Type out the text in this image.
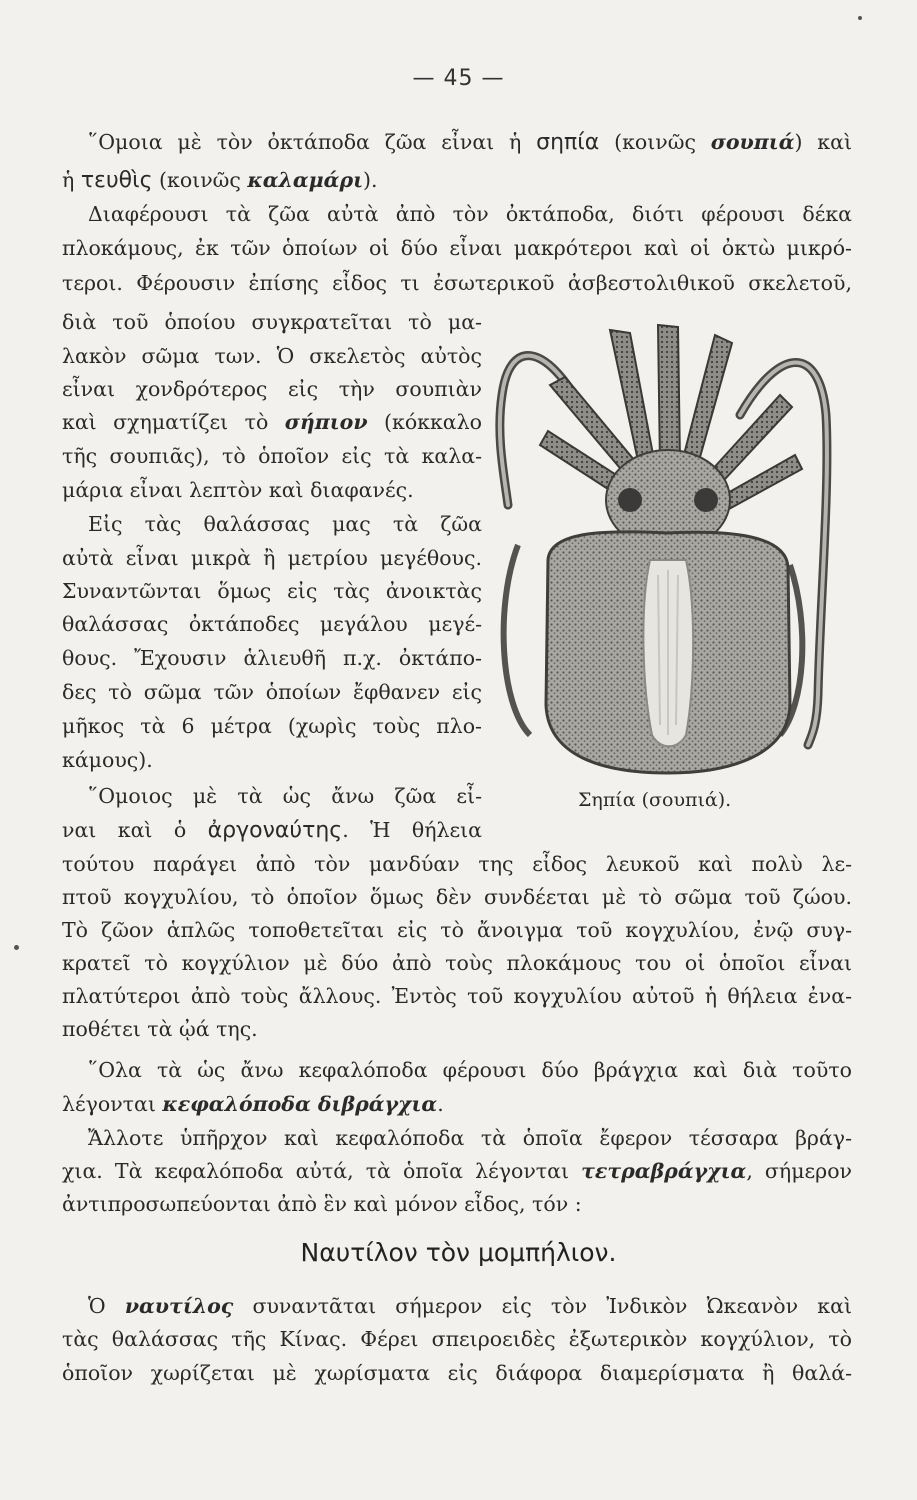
— 45 —
῞Ομοια μὲ τὸν ὀκτάποδα ζῶα εἶναι ἡ σηπία (κοινῶς σουπιά) καὶ
ἡ τευθὶς (κοινῶς καλαμάρι).
Διαφέρουσι τὰ ζῶα αὐτὰ ἀπὸ τὸν ὀκτάποδα, διότι φέρουσι δέκα
πλοκάμους, ἐκ τῶν ὁποίων οἱ δύο εἶναι μακρότεροι καὶ οἱ ὀκτὼ μικρό-
τεροι. Φέρουσιν ἐπίσης εἶδος τι ἐσωτερικοῦ ἀσβεστολιθικοῦ σκελετοῦ,
διὰ τοῦ ὁποίου συγκρατεῖται τὸ μα-
λακὸν σῶμα των. Ὁ σκελετὸς αὐτὸς
εἶναι χονδρότερος εἰς τὴν σουπιὰν
καὶ σχηματίζει τὸ σήπιον (κόκκαλο
τῆς σουπιᾶς), τὸ ὁποῖον εἰς τὰ καλα-
μάρια εἶναι λεπτὸν καὶ διαφανές.
Εἰς τὰς θαλάσσας μας τὰ ζῶα
αὐτὰ εἶναι μικρὰ ἢ μετρίου μεγέθους.
Συναντῶνται ὅμως εἰς τὰς ἀνοικτὰς
θαλάσσας ὀκτάποδες μεγάλου μεγέ-
θους. Ἔχουσιν ἁλιευθῆ π.χ. ὀκτάπο-
δες τὸ σῶμα τῶν ὁποίων ἔφθανεν εἰς
μῆκος τὰ 6 μέτρα (χωρὶς τοὺς πλο-
κάμους).
῞Ομοιος μὲ τὰ ὡς ἄνω ζῶα εἶ-
ναι καὶ ὁ ἀργοναύτης. Ἡ θήλεια
τούτου παράγει ἀπὸ τὸν μανδύαν της εἶδος λευκοῦ καὶ πολὺ λε-
πτοῦ κογχυλίου, τὸ ὁποῖον ὅμως δὲν συνδέεται μὲ τὸ σῶμα τοῦ ζώου.
Τὸ ζῶον ἁπλῶς τοποθετεῖται εἰς τὸ ἄνοιγμα τοῦ κογχυλίου, ἐνῷ συγ-
κρατεῖ τὸ κογχύλιον μὲ δύο ἀπὸ τοὺς πλοκάμους του οἱ ὁποῖοι εἶναι
πλατύτεροι ἀπὸ τοὺς ἄλλους. Ἐντὸς τοῦ κογχυλίου αὐτοῦ ἡ θήλεια ἐνα-
ποθέτει τὰ ᾠά της.
῞Ολα τὰ ὡς ἄνω κεφαλόποδα φέρουσι δύο βράγχια καὶ διὰ τοῦτο
λέγονται κεφαλόποδα διβράγχια.
Ἄλλοτε ὑπῆρχον καὶ κεφαλόποδα τὰ ὁποῖα ἔφερον τέσσαρα βράγ-
χια. Τὰ κεφαλόποδα αὐτά, τὰ ὁποῖα λέγονται τετραβράγχια, σήμερον
ἀντιπροσωπεύονται ἀπὸ ἓν καὶ μόνον εἶδος, τόν :
Ναυτίλον τὸν μομπήλιον.
Ὁ ναυτίλος συναντᾶται σήμερον εἰς τὸν Ἰνδικὸν Ὠκεανὸν καὶ
τὰς θαλάσσας τῆς Κίνας. Φέρει σπειροειδὲς ἐξωτερικὸν κογχύλιον, τὸ
ὁποῖον χωρίζεται μὲ χωρίσματα εἰς διάφορα διαμερίσματα ἢ θαλά-
Σηπία (σουπιά).
